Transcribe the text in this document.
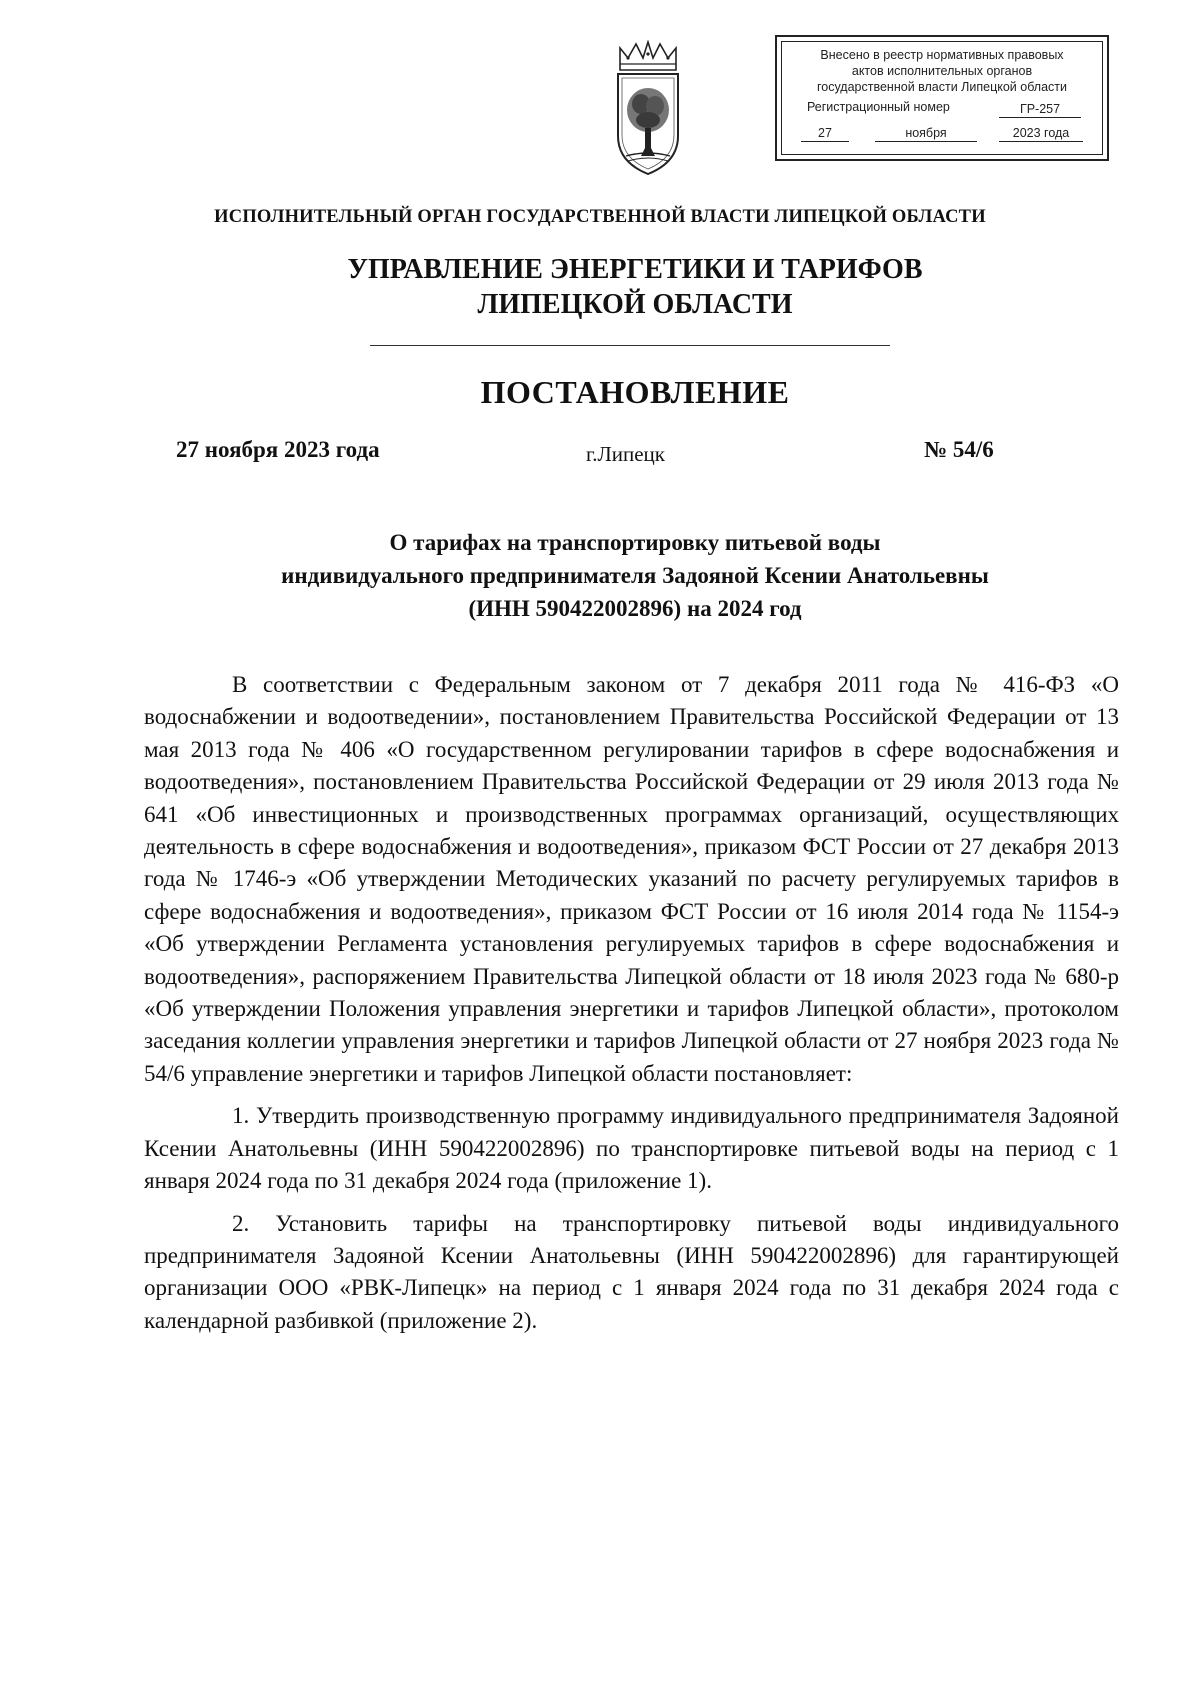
Внесено в реестр нормативных правовых
актов исполнительных органов
государственной власти Липецкой области
Регистрационный номер	ГР-257
27	ноября	2023 года
ИСПОЛНИТЕЛЬНЫЙ ОРГАН ГОСУДАРСТВЕННОЙ ВЛАСТИ ЛИПЕЦКОЙ ОБЛАСТИ
УПРАВЛЕНИЕ ЭНЕРГЕТИКИ И ТАРИФОВ
ЛИПЕЦКОЙ ОБЛАСТИ
ПОСТАНОВЛЕНИЕ
27 ноября 2023 года	г.Липецк	№ 54/6
О тарифах на транспортировку питьевой воды
индивидуального предпринимателя Задояной Ксении Анатольевны
(ИНН 590422002896) на 2024 год

В соответствии с Федеральным законом от 7 декабря 2011 года № 416-ФЗ «О водоснабжении и водоотведении», постановлением Правительства Российской Федерации от 13 мая 2013 года № 406 «О государственном регулировании тарифов в сфере водоснабжения и водоотведения», постановлением Правительства Российской Федерации от 29 июля 2013 года № 641 «Об инвестиционных и производственных программах организаций, осуществляющих деятельность в сфере водоснабжения и водоотведения», приказом ФСТ России от 27 декабря 2013 года № 1746-э «Об утверждении Методических указаний по расчету регулируемых тарифов в сфере водоснабжения и водоотведения», приказом ФСТ России от 16 июля 2014 года № 1154-э «Об утверждении Регламента установления регулируемых тарифов в сфере водоснабжения и водоотведения», распоряжением Правительства Липецкой области от 18 июля 2023 года № 680-р «Об утверждении Положения управления энергетики и тарифов Липецкой области», протоколом заседания коллегии управления энергетики и тарифов Липецкой области от 27 ноября 2023 года № 54/6 управление энергетики и тарифов Липецкой области постановляет:

1. Утвердить производственную программу индивидуального предпринимателя Задояной Ксении Анатольевны (ИНН 590422002896) по транспортировке питьевой воды на период с 1 января 2024 года по 31 декабря 2024 года (приложение 1).

2. Установить тарифы на транспортировку питьевой воды индивидуального предпринимателя Задояной Ксении Анатольевны (ИНН 590422002896) для гарантирующей организации ООО «РВК-Липецк» на период с 1 января 2024 года по 31 декабря 2024 года с календарной разбивкой (приложение 2).
